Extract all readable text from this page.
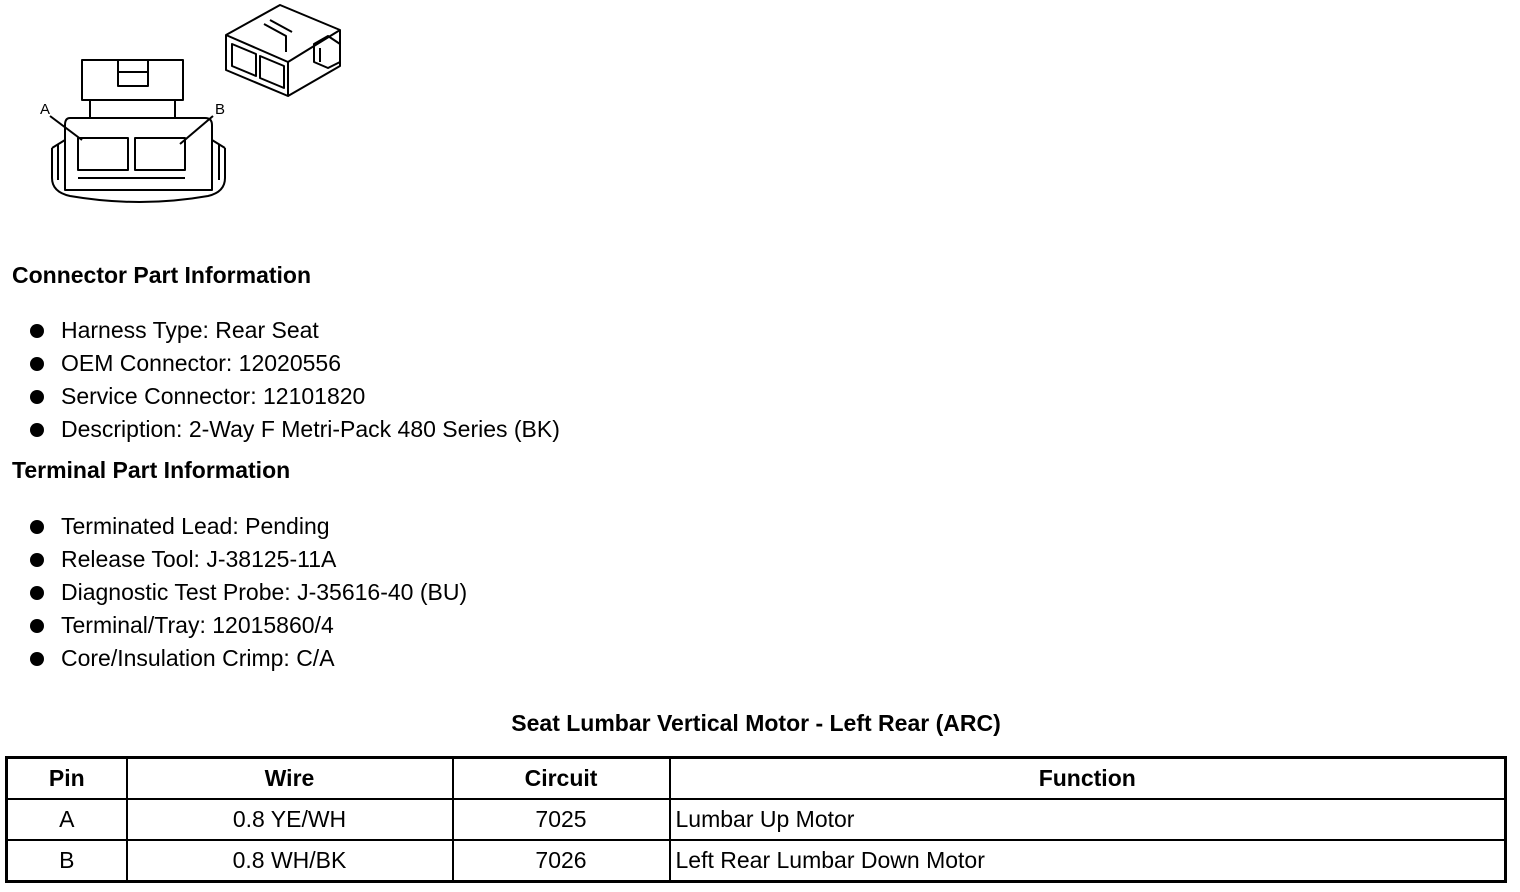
A	B
Connector Part Information
Harness Type: Rear Seat
OEM Connector: 12020556
Service Connector: 12101820
Description: 2-Way F Metri-Pack 480 Series (BK)
Terminal Part Information
Terminated Lead: Pending
Release Tool: J-38125-11A
Diagnostic Test Probe: J-35616-40 (BU)
Terminal/Tray: 12015860/4
Core/Insulation Crimp: C/A
Seat Lumbar Vertical Motor - Left Rear (ARC)
Pin	Wire	Circuit	Function
A	0.8 YE/WH	7025	Lumbar Up Motor
B	0.8 WH/BK	7026	Left Rear Lumbar Down Motor
